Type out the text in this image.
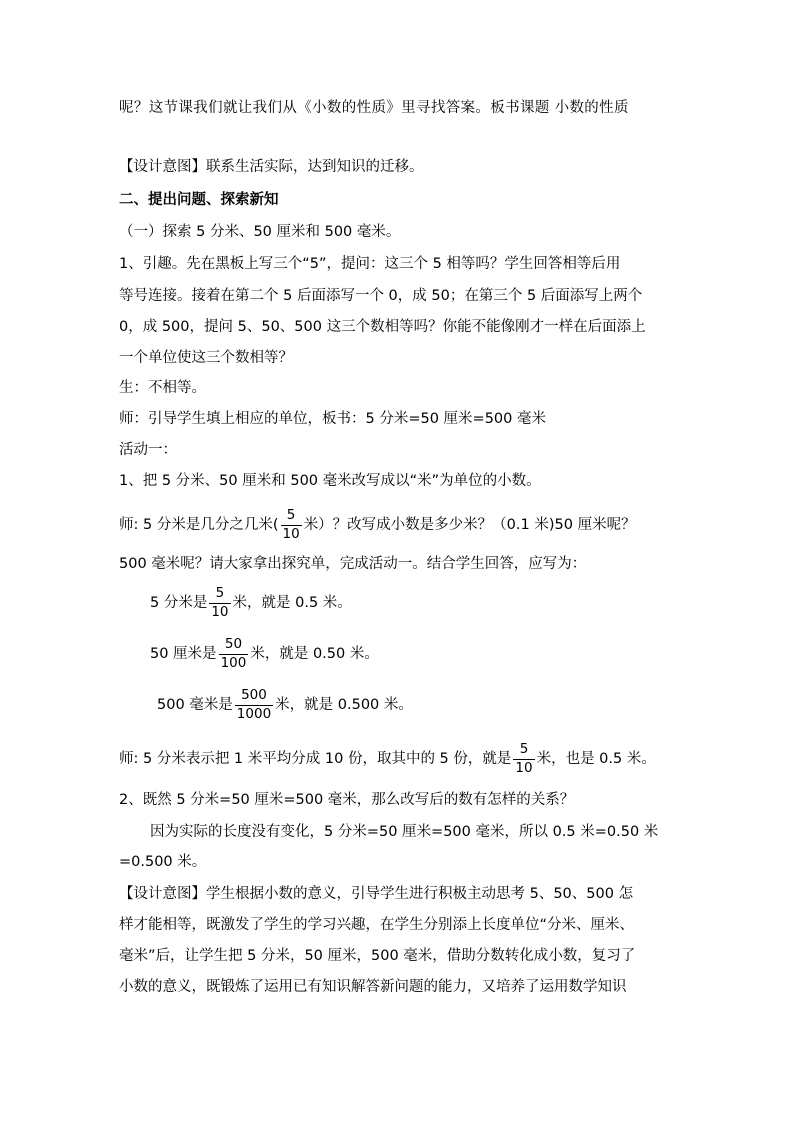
呢？这节课我们就让我们从《小数的性质》里寻找答案。板书课题 小数的性质
【设计意图】联系生活实际，达到知识的迁移。
二、提出问题、探索新知
（一）探索 5 分米、50 厘米和 500 毫米。
1、引趣。先在黑板上写三个“5”，提问：这三个 5 相等吗？学生回答相等后用
等号连接。接着在第二个 5 后面添写一个 0，成 50；在第三个 5 后面添写上两个
0，成 500，提问 5、50、500 这三个数相等吗？你能不能像刚才一样在后面添上
一个单位使这三个数相等？
生：不相等。
师：引导学生填上相应的单位，板书：5 分米=50 厘米=500 毫米
活动一：
1、把 5 分米、50 厘米和 500 毫米改写成以“米”为单位的小数。
师: 5 分米是几分之几米( $\frac{5}{10}$ 米）？改写成小数是多少米？（0.1 米)50 厘米呢？
500 毫米呢？请大家拿出探究单，完成活动一。结合学生回答，应写为：
5 分米是 $\frac{5}{10}$ 米，就是 0.5 米。
50 厘米是 $\frac{50}{100}$ 米，就是 0.50 米。
500 毫米是 $\frac{500}{1000}$ 米，就是 0.500 米。
师: 5 分米表示把 1 米平均分成 10 份，取其中的 5 份，就是 $\frac{5}{10}$ 米，也是 0.5 米。
2、既然 5 分米=50 厘米=500 毫米，那么改写后的数有怎样的关系？
因为实际的长度没有变化，5 分米=50 厘米=500 毫米，所以 0.5 米=0.50 米
=0.500 米。
【设计意图】学生根据小数的意义，引导学生进行积极主动思考 5、50、500 怎
样才能相等，既激发了学生的学习兴趣，在学生分别添上长度单位“分米、厘米、
毫米”后，让学生把 5 分米，50 厘米，500 毫米，借助分数转化成小数，复习了
小数的意义，既锻炼了运用已有知识解答新问题的能力，又培养了运用数学知识
